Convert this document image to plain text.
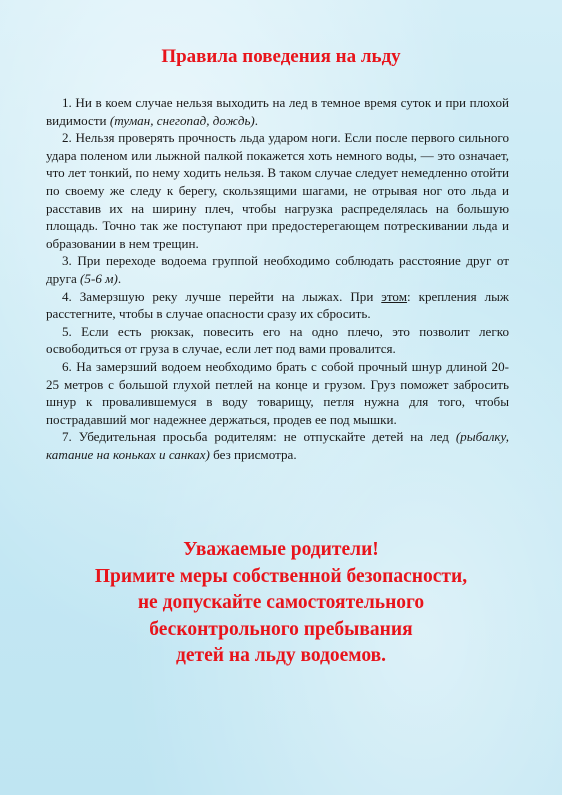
Правила поведения на льду

1. Ни в коем случае нельзя выходить на лед в темное время суток и при плохой видимости (туман, снегопад, дождь).

2. Нельзя проверять прочность льда ударом ноги. Если после первого сильного удара поленом или лыжной палкой покажется хоть немного воды, — это означает, что лет тонкий, по нему ходить нельзя. В таком случае следует немедленно отойти по своему же следу к берегу, скользящими шагами, не отрывая ног ото льда и расставив их на ширину плеч, чтобы нагрузка распределялась на большую площадь. Точно так же поступают при предостерегающем потрескивании льда и образовании в нем трещин.

3. При переходе водоема группой необходимо соблюдать расстояние друг от друга (5-6 м).

4. Замерзшую реку лучше перейти на лыжах. При этом: крепления лыж расстегните, чтобы в случае опасности сразу их сбросить.

5. Если есть рюкзак, повесить его на одно плечо, это позволит легко освободиться от груза в случае, если лет под вами провалится.

6. На замерзший водоем необходимо брать с собой прочный шнур длиной 20-25 метров с большой глухой петлей на конце и грузом. Груз поможет забросить шнур к провалившемуся в воду товарищу, петля нужна для того, чтобы пострадавший мог надежнее держаться, продев ее под мышки.

7. Убедительная просьба родителям: не отпускайте детей на лед (рыбалку, катание на коньках и санках) без присмотра.

Уважаемые родители!
Примите меры собственной безопасности,
не допускайте самостоятельного
бесконтрольного пребывания
детей на льду водоемов.
